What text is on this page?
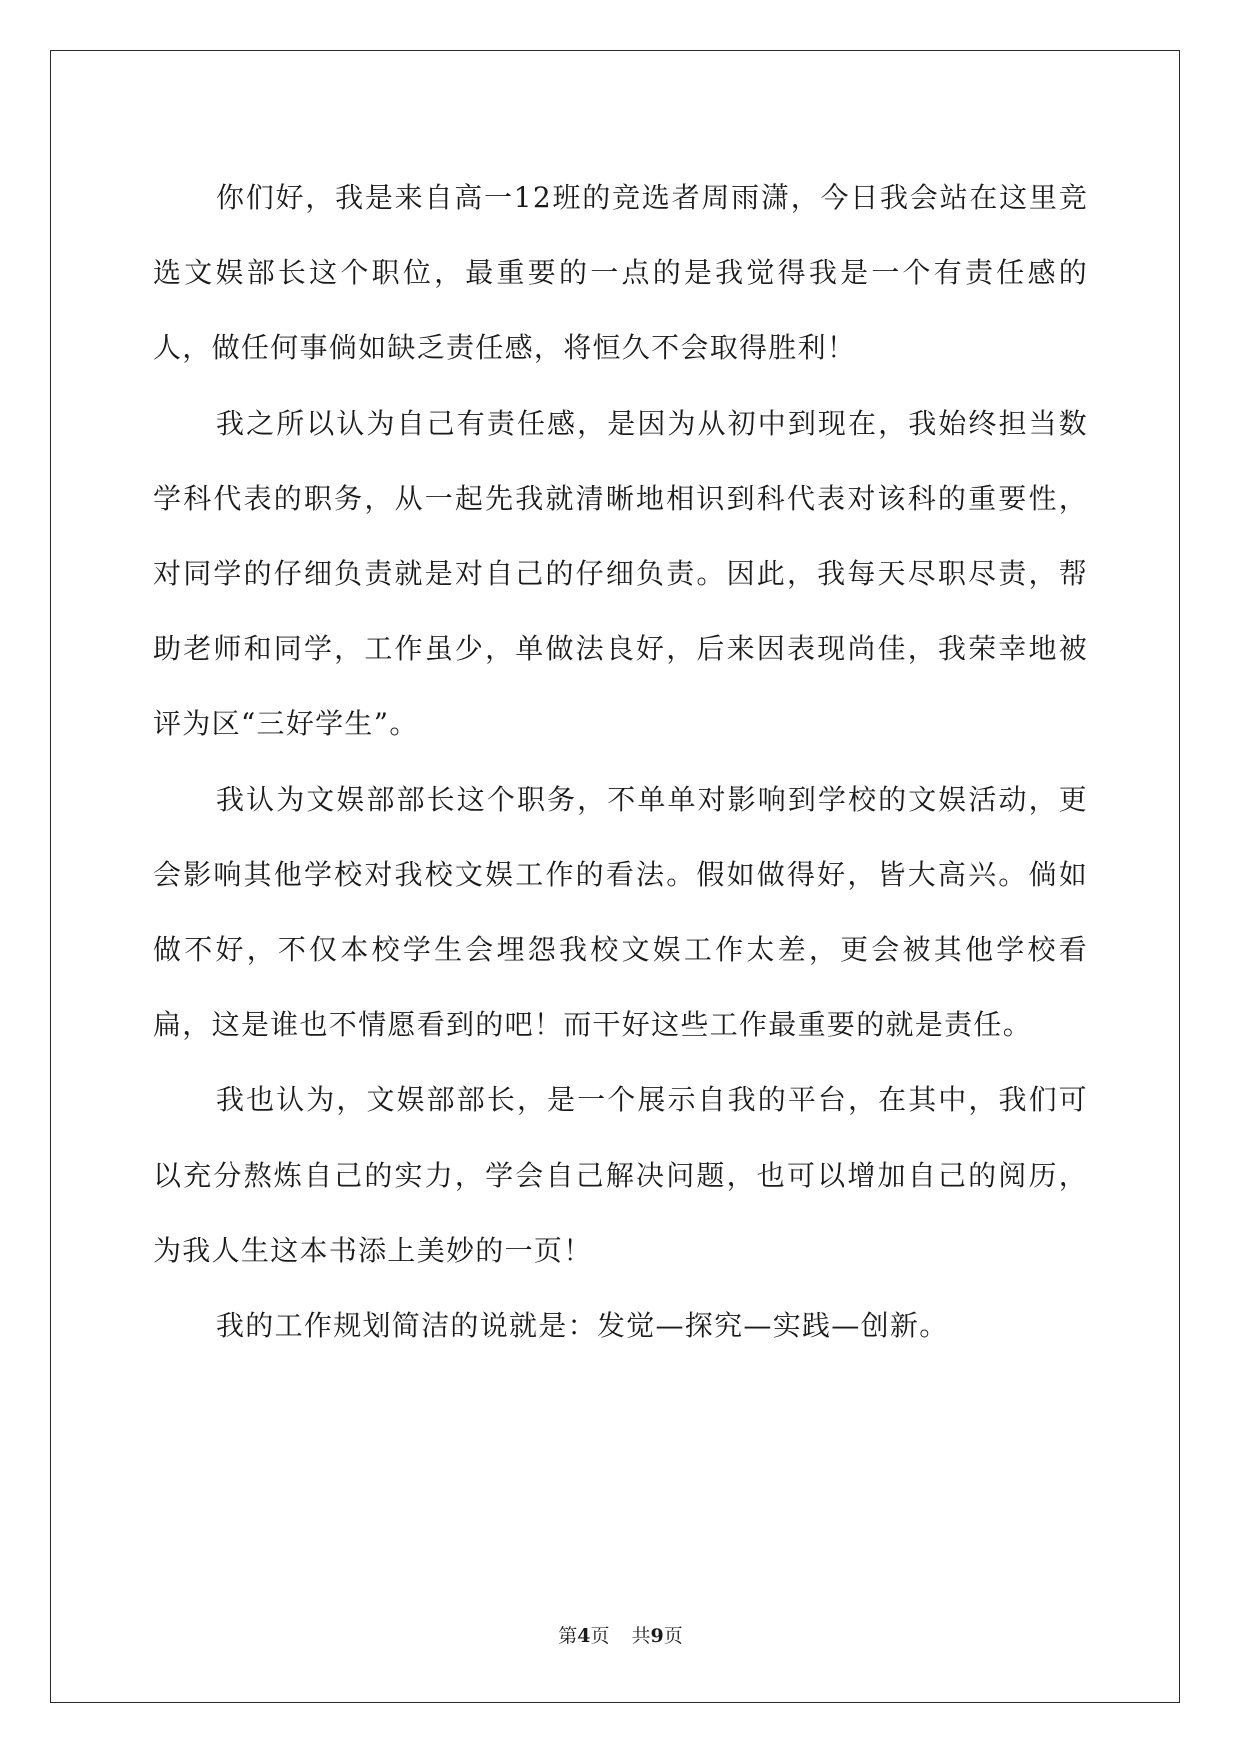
你们好，我是来自高一12班的竞选者周雨潇，今日我会站在这里竞选文娱部长这个职位，最重要的一点的是我觉得我是一个有责任感的人，做任何事倘如缺乏责任感，将恒久不会取得胜利！

我之所以认为自己有责任感，是因为从初中到现在，我始终担当数学科代表的职务，从一起先我就清晰地相识到科代表对该科的重要性，对同学的仔细负责就是对自己的仔细负责。因此，我每天尽职尽责，帮助老师和同学，工作虽少，单做法良好，后来因表现尚佳，我荣幸地被评为区“三好学生”。

我认为文娱部部长这个职务，不单单对影响到学校的文娱活动，更会影响其他学校对我校文娱工作的看法。假如做得好，皆大高兴。倘如做不好，不仅本校学生会埋怨我校文娱工作太差，更会被其他学校看扁，这是谁也不情愿看到的吧！而干好这些工作最重要的就是责任。

我也认为，文娱部部长，是一个展示自我的平台，在其中，我们可以充分熬炼自己的实力，学会自己解决问题，也可以增加自己的阅历，为我人生这本书添上美妙的一页！

我的工作规划简洁的说就是：发觉—探究—实践—创新。

第4页 共9页
